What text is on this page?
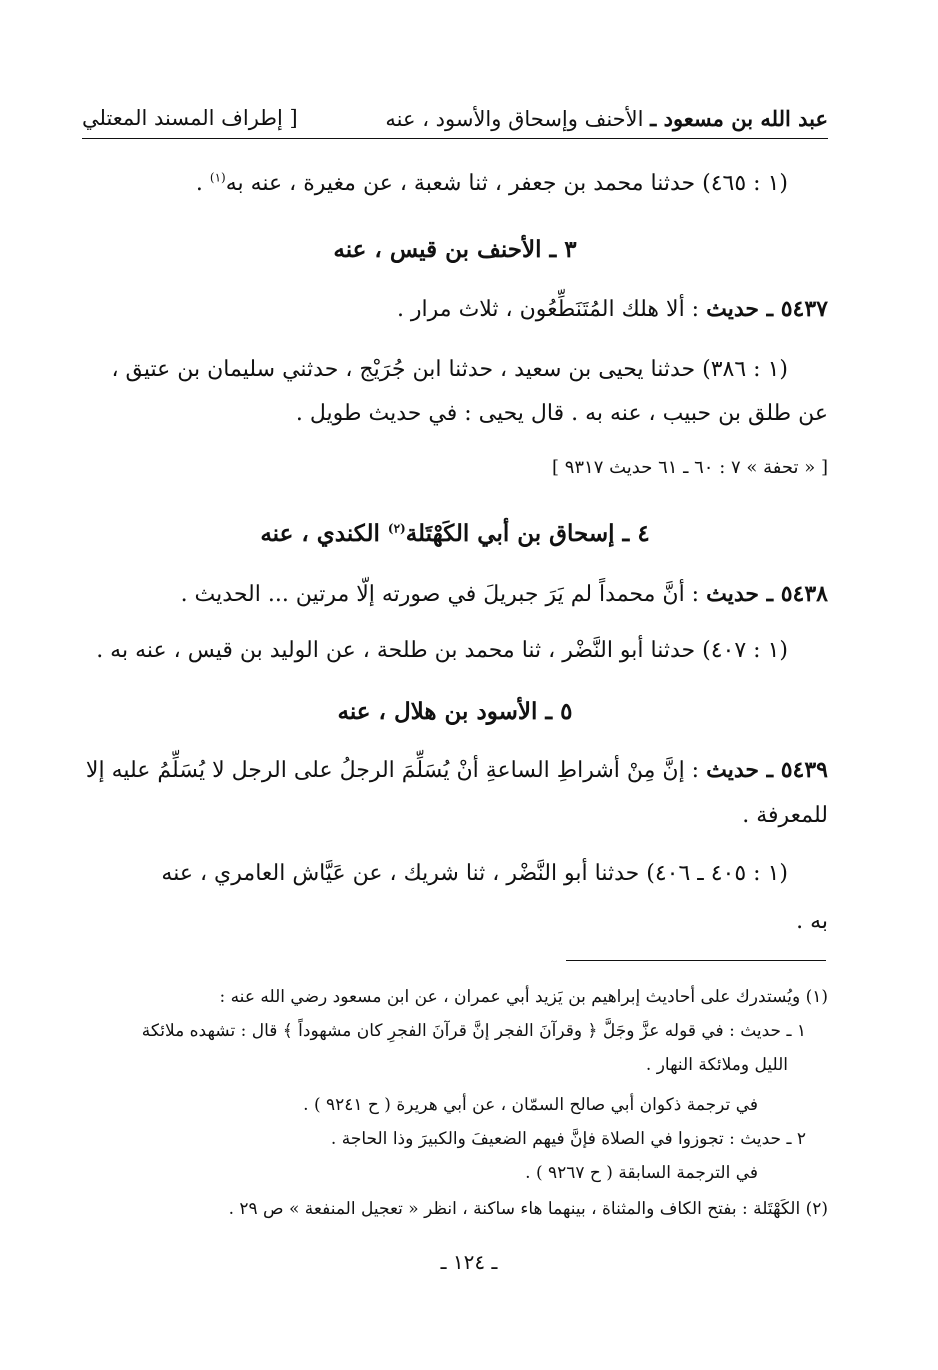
عبد الله بن مسعود ـ الأحنف وإسحاق والأسود ، عنه
[ إطراف المسند المعتلي
(١ : ٤٦٥) حدثنا محمد بن جعفر ، ثنا شعبة ، عن مغيرة ، عنه به$^{(١)}$ .
٣ ـ الأحنف بن قيس ، عنه
٥٤٣٧ ـ حديث : ألا هلك المُتَنَطِّعُون ، ثلاث مرار .
(١ : ٣٨٦) حدثنا يحيى بن سعيد ، حدثنا ابن جُرَيْج ، حدثني سليمان بن عتيق ،
عن طلق بن حبيب ، عنه به . قال يحيى : في حديث طويل .
[ « تحفة » ٧ : ٦٠ ـ ٦١ حديث ٩٣١٧ ]
٤ ـ إسحاق بن أبي الكَهْتَلة$^{(٢)}$ الكندي ، عنه
٥٤٣٨ ـ حديث : أنَّ محمداً لم يَرَ جبريلَ في صورته إلّا مرتين ... الحديث .
(١ : ٤٠٧) حدثنا أبو النَّضْر ، ثنا محمد بن طلحة ، عن الوليد بن قيس ، عنه به .
٥ ـ الأسود بن هلال ، عنه
٥٤٣٩ ـ حديث : إنَّ مِنْ أشراطِ الساعةِ أنْ يُسَلِّمَ الرجلُ على الرجل لا يُسَلِّمُ عليه إلا
للمعرفة .
(١ : ٤٠٥ ـ ٤٠٦) حدثنا أبو النَّضْر ، ثنا شريك ، عن عَيَّاش العامري ، عنه
به .
(١) ويُستدرك على أحاديث إبراهيم بن يَزيد أبي عمران ، عن ابن مسعود رضي الله عنه :
١ ـ حديث : في قوله عزَّ وجَلَّ ﴿ وقرآنَ الفجر إنَّ قرآنَ الفجرِ كان مشهوداً ﴾ قال : تشهده ملائكة
الليل وملائكة النهار .
في ترجمة ذكوان أبي صالح السمّان ، عن أبي هريرة ( ح ٩٢٤١ ) .
٢ ـ حديث : تجوزوا في الصلاة فإنَّ فيهم الضعيفَ والكبيرَ وذا الحاجة .
في الترجمة السابقة ( ح ٩٢٦٧ ) .
(٢) الكَهْتَلة : بفتح الكاف والمثناة ، بينهما هاء ساكنة ، انظر « تعجيل المنفعة » ص ٢٩ .
ـ ١٢٤ ـ
